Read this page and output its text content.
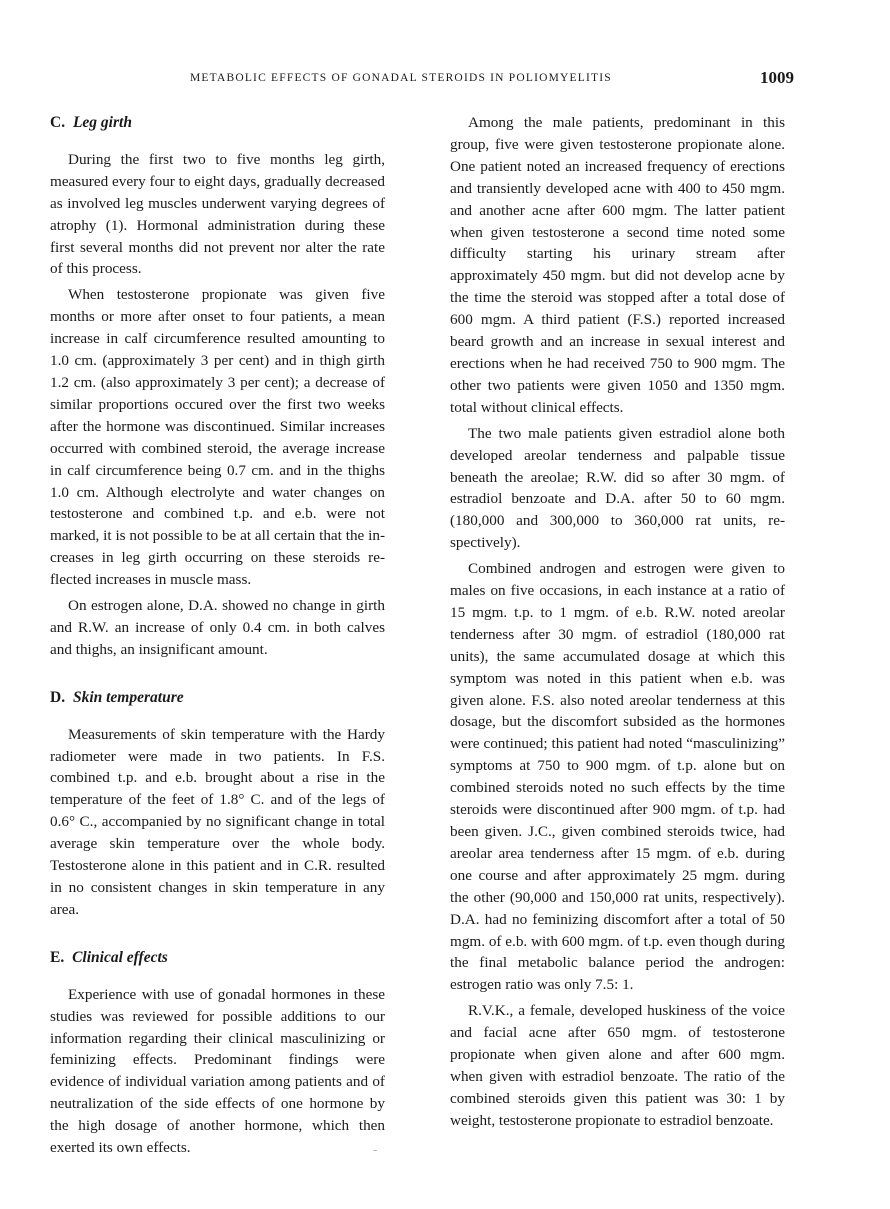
METABOLIC EFFECTS OF GONADAL STEROIDS IN POLIOMYELITIS	1009
C. Leg girth

During the first two to five months leg girth, measured every four to eight days, gradually decreased as involved leg muscles underwent varying degrees of atrophy (1). Hormonal administration during these first several months did not prevent nor alter the rate of this process.

When testosterone propionate was given five months or more after onset to four patients, a mean increase in calf circumference resulted amounting to 1.0 cm. (approximately 3 per cent) and in thigh girth 1.2 cm. (also approximately 3 per cent); a decrease of similar proportions occured over the first two weeks after the hormone was discontinued. Similar increases occurred with combined steroid, the average increase in calf circumference being 0.7 cm. and in the thighs 1.0 cm. Although electrolyte and water changes on testosterone and combined t.p. and e.b. were not marked, it is not possible to be at all certain that the increases in leg girth occurring on these steroids reflected increases in muscle mass.

On estrogen alone, D.A. showed no change in girth and R.W. an increase of only 0.4 cm. in both calves and thighs, an insignificant amount.

D. Skin temperature

Measurements of skin temperature with the Hardy radiometer were made in two patients. In F.S. combined t.p. and e.b. brought about a rise in the temperature of the feet of 1.8° C. and of the legs of 0.6° C., accompanied by no significant change in total average skin temperature over the whole body. Testosterone alone in this patient and in C.R. resulted in no consistent changes in skin temperature in any area.

E. Clinical effects

Experience with use of gonadal hormones in these studies was reviewed for possible additions to our information regarding their clinical masculinizing or feminizing effects. Predominant findings were evidence of individual variation among patients and of neutralization of the side effects of one hormone by the high dosage of another hormone, which then exerted its own effects.

Among the male patients, predominant in this group, five were given testosterone propionate alone. One patient noted an increased frequency of erections and transiently developed acne with 400 to 450 mgm. and another acne after 600 mgm. The latter patient when given testosterone a second time noted some difficulty starting his urinary stream after approximately 450 mgm. but did not develop acne by the time the steroid was stopped after a total dose of 600 mgm. A third patient (F.S.) reported increased beard growth and an increase in sexual interest and erections when he had received 750 to 900 mgm. The other two patients were given 1050 and 1350 mgm. total without clinical effects.

The two male patients given estradiol alone both developed areolar tenderness and palpable tissue beneath the areolae; R.W. did so after 30 mgm. of estradiol benzoate and D.A. after 50 to 60 mgm. (180,000 and 300,000 to 360,000 rat units, respectively).

Combined androgen and estrogen were given to males on five occasions, in each instance at a ratio of 15 mgm. t.p. to 1 mgm. of e.b. R.W. noted areolar tenderness after 30 mgm. of estradiol (180,000 rat units), the same accumulated dosage at which this symptom was noted in this patient when e.b. was given alone. F.S. also noted areolar tenderness at this dosage, but the discomfort subsided as the hormones were continued; this patient had noted “masculinizing” symptoms at 750 to 900 mgm. of t.p. alone but on combined steroids noted no such effects by the time steroids were discontinued after 900 mgm. of t.p. had been given. J.C., given combined steroids twice, had areolar area tenderness after 15 mgm. of e.b. during one course and after approximately 25 mgm. during the other (90,000 and 150,000 rat units, respectively). D.A. had no feminizing discomfort after a total of 50 mgm. of e.b. with 600 mgm. of t.p. even though during the final metabolic balance period the androgen: estrogen ratio was only 7.5: 1.

R.V.K., a female, developed huskiness of the voice and facial acne after 650 mgm. of testosterone propionate when given alone and after 600 mgm. when given with estradiol benzoate. The ratio of the combined steroids given this patient was 30: 1 by weight, testosterone propionate to estradiol benzoate.
